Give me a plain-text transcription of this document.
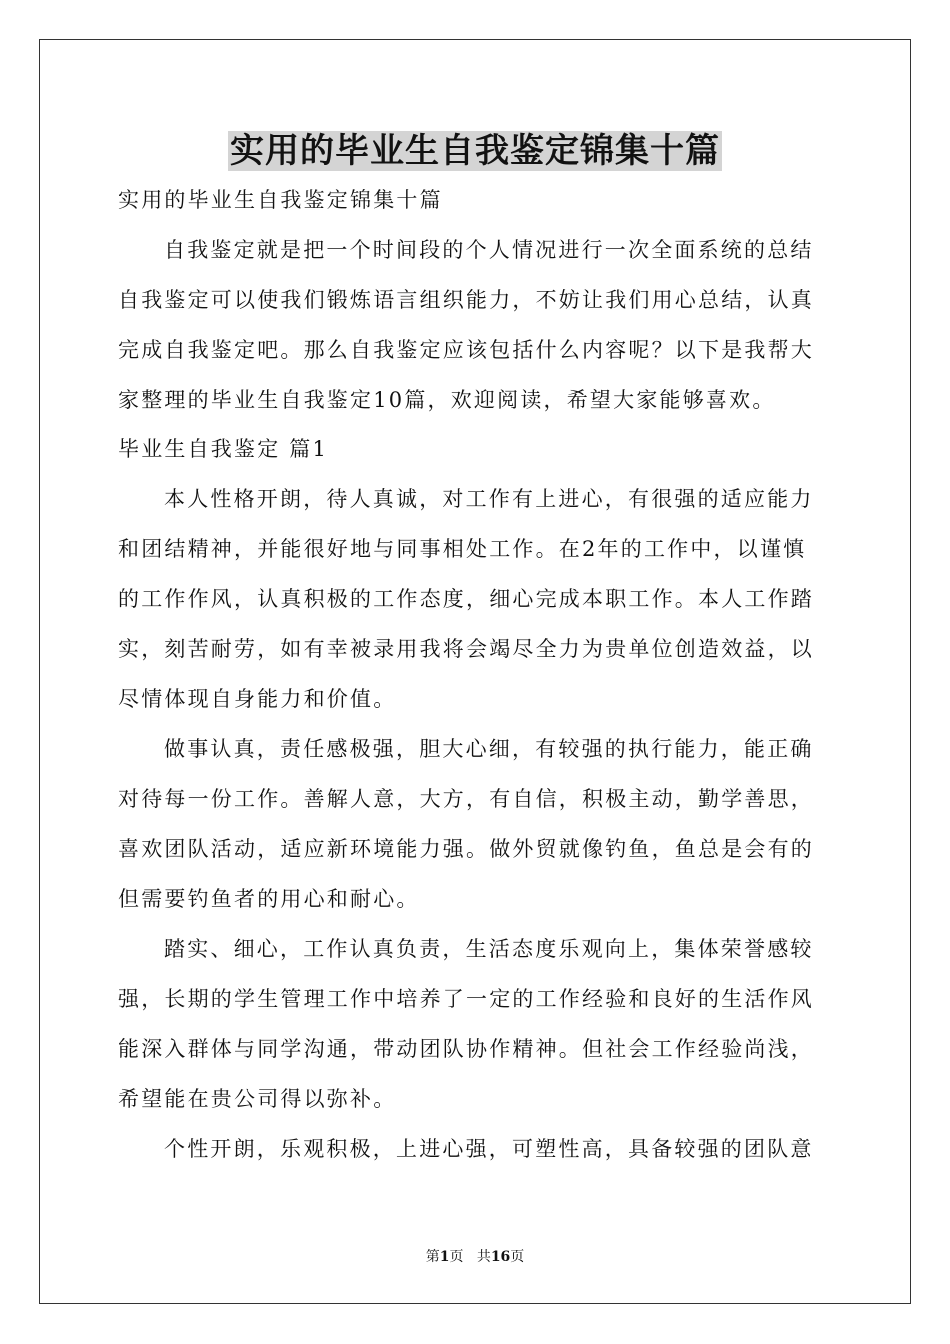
实用的毕业生自我鉴定锦集十篇
实用的毕业生自我鉴定锦集十篇
自我鉴定就是把一个时间段的个人情况进行一次全面系统的总结
自我鉴定可以使我们锻炼语言组织能力，不妨让我们用心总结，认真
完成自我鉴定吧。那么自我鉴定应该包括什么内容呢？以下是我帮大
家整理的毕业生自我鉴定10篇，欢迎阅读，希望大家能够喜欢。
毕业生自我鉴定 篇1
本人性格开朗，待人真诚，对工作有上进心，有很强的适应能力
和团结精神，并能很好地与同事相处工作。在2年的工作中，以谨慎
的工作作风，认真积极的工作态度，细心完成本职工作。本人工作踏
实，刻苦耐劳，如有幸被录用我将会竭尽全力为贵单位创造效益，以
尽情体现自身能力和价值。
做事认真，责任感极强，胆大心细，有较强的执行能力，能正确
对待每一份工作。善解人意，大方，有自信，积极主动，勤学善思，
喜欢团队活动，适应新环境能力强。做外贸就像钓鱼，鱼总是会有的
但需要钓鱼者的用心和耐心。
踏实、细心，工作认真负责，生活态度乐观向上，集体荣誉感较
强，长期的学生管理工作中培养了一定的工作经验和良好的生活作风
能深入群体与同学沟通，带动团队协作精神。但社会工作经验尚浅，
希望能在贵公司得以弥补。
个性开朗，乐观积极，上进心强，可塑性高，具备较强的团队意
第1页 共16页
